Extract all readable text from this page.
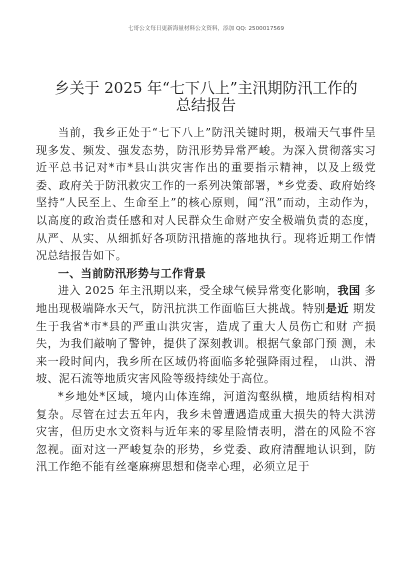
七哥公文每日更新海量材料公文资料，添加 QQ: 2500017569
乡关于 2025 年“七下八上”主汛期防汛工作的
总结报告

当前，我乡正处于“七下八上”防汛关键时期，极端天气事件呈现多发、频发、强发态势，防汛形势异常严峻。为深入贯彻落实习近平总书记对*市*县山洪灾害作出的重要指示精神，以及上级党委、政府关于防汛救灾工作的一系列决策部署，*乡党委、政府始终坚持“人民至上、生命至上”的核心原则，闻“汛”而动，主动作为，以高度的政治责任感和对人民群众生命财产安全极端负责的态度，从严、从实、从细抓好各项防汛措施的落地执行。现将近期工作情况总结报告如下。

一、当前防汛形势与工作背景

进入 2025 年主汛期以来，受全球气候异常变化影响，我国 多地出现极端降水天气，防汛抗洪工作面临巨大挑战。特别是近 期发生于我省*市*县的严重山洪灾害，造成了重大人员伤亡和财 产损失，为我们敲响了警钟，提供了深刻教训。根据气象部门预 测，未来一段时间内，我乡所在区域仍将面临多轮强降雨过程， 山洪、滑坡、泥石流等地质灾害风险等级持续处于高位。

*乡地处*区域，境内山体连绵，河道沟壑纵横，地质结构相对复杂。尽管在过去五年内，我乡未曾遭遇造成重大损失的特大洪涝灾害，但历史水文资料与近年来的零星险情表明，潜在的风险不容忽视。面对这一严峻复杂的形势，乡党委、政府清醒地认识到，防汛工作绝不能有丝毫麻痹思想和侥幸心理，必须立足于
